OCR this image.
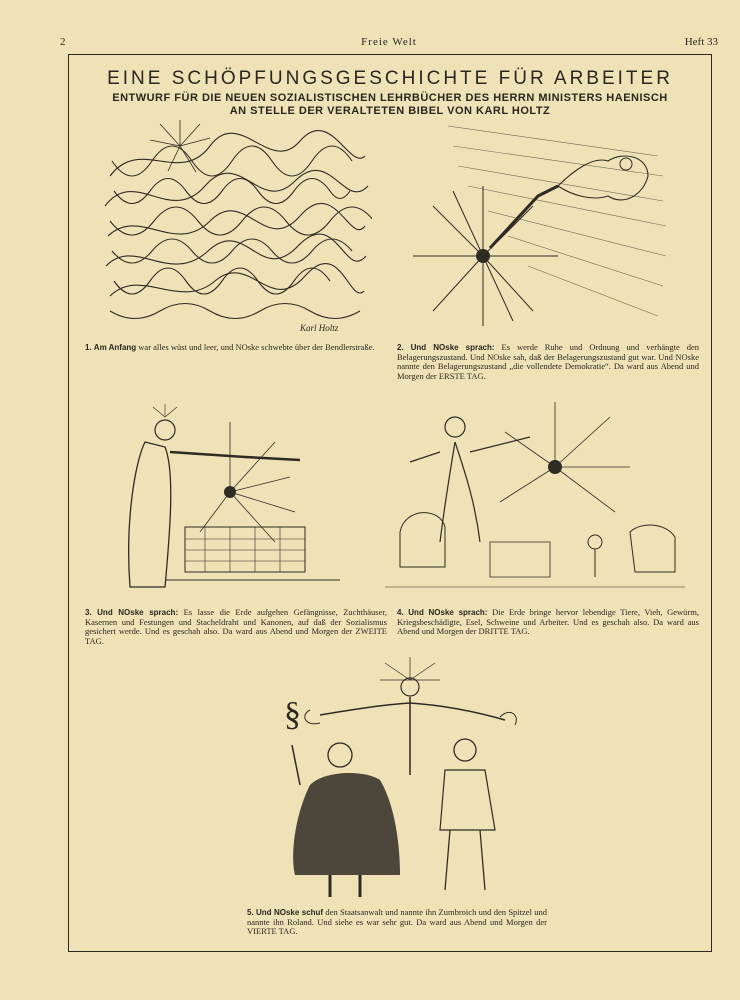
2	Freie Welt	Heft 33
EINE SCHÖPFUNGSGESCHICHTE FÜR ARBEITER
ENTWURF FÜR DIE NEUEN SOZIALISTISCHEN LEHRBÜCHER DES HERRN MINISTERS HAENISCH
AN STELLE DER VERALTETEN BIBEL VON KARL HOLTZ
Karl Holtz
1. Am Anfang war alles wüst und leer, und NOske schwebte über der Bendlerstraße.	2. Und NOske sprach: Es werde Ruhe und Ordnung und verhängte den Belagerungszustand. Und NOske sah, daß der Belagerungszustand gut war. Und NOske nannte den Belagerungszustand „die vollendete Demokratie“. Da ward aus Abend und Morgen der ERSTE TAG.
3. Und NOske sprach: Es lasse die Erde aufgehen Gefängnisse, Zuchthäuser, Kasernen und Festungen und Stacheldraht und Kanonen, auf daß der Sozialismus gesichert werde. Und es geschah also. Da ward aus Abend und Morgen der ZWEITE TAG.
4. Und NOske sprach: Die Erde bringe hervor lebendige Tiere, Vieh, Gewürm, Kriegsbeschädigte, Esel, Schweine und Arbeiter. Und es geschah also. Da ward aus Abend und Morgen der DRITTE TAG.
§
5. Und NOske schuf den Staatsanwalt und nannte ihn Zumbroich und den Spitzel und nannte ihn Roland. Und siehe es war sehr gut. Da ward aus Abend und Morgen der VIERTE TAG.
